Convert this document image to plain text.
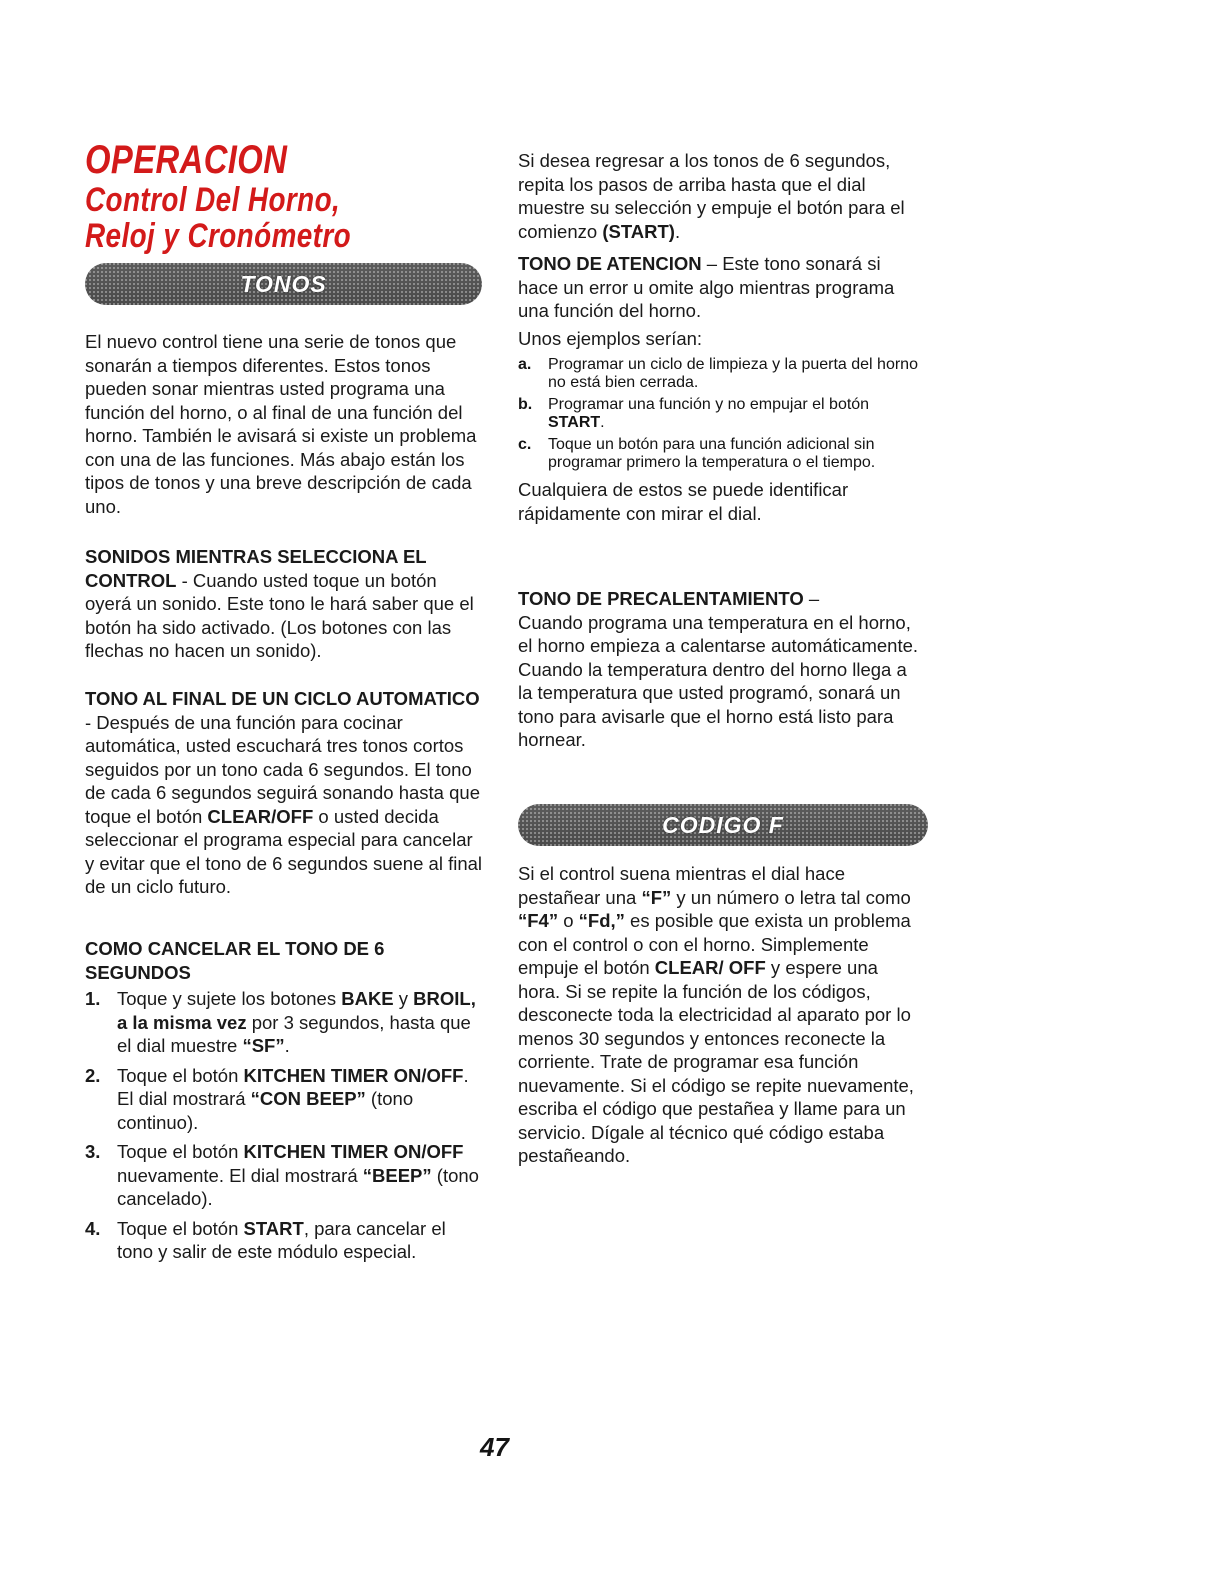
OPERACION
Control Del Horno,
Reloj y Cronómetro
TONOS
CODIGO F

El nuevo control tiene una serie de tonos que sonarán a tiempos diferentes. Estos tonos pueden sonar mientras usted programa una función del horno, o al final de una función del horno. También le avisará si existe un problema con una de las funciones. Más abajo están los tipos de tonos y una breve descripción de cada uno.

SONIDOS MIENTRAS SELECCIONA EL CONTROL - Cuando usted toque un botón oyerá un sonido. Este tono le hará saber que el botón ha sido activado. (Los botones con las flechas no hacen un sonido).

TONO AL FINAL DE UN CICLO AUTOMATICO - Después de una función para cocinar automática, usted escuchará tres tonos cortos seguidos por un tono cada 6 segundos. El tono de cada 6 segundos seguirá sonando hasta que toque el botón CLEAR/OFF o usted decida seleccionar el programa especial para cancelar y evitar que el tono de 6 segundos suene al final de un ciclo futuro.

COMO CANCELAR EL TONO DE 6 SEGUNDOS

1. Toque y sujete los botones BAKE y BROIL, a la misma vez por 3 segundos, hasta que el dial muestre “SF”.
2. Toque el botón KITCHEN TIMER ON/OFF. El dial mostrará “CON BEEP” (tono continuo).
3. Toque el botón KITCHEN TIMER ON/OFF nuevamente. El dial mostrará “BEEP” (tono cancelado).
4. Toque el botón START, para cancelar el tono y salir de este módulo especial.

Si desea regresar a los tonos de 6 segundos, repita los pasos de arriba hasta que el dial muestre su selección y empuje el botón para el comienzo (START).

TONO DE ATENCION – Este tono sonará si hace un error u omite algo mientras programa una función del horno.

Unos ejemplos serían:

a. Programar un ciclo de limpieza y la puerta del horno no está bien cerrada.
b. Programar una función y no empujar el botón START.
c. Toque un botón para una función adicional sin programar primero la temperatura o el tiempo.

Cualquiera de estos se puede identificar rápidamente con mirar el dial.

TONO DE PRECALENTAMIENTO –

Cuando programa una temperatura en el horno, el horno empieza a calentarse automáticamente. Cuando la temperatura dentro del horno llega a la temperatura que usted programó, sonará un tono para avisarle que el horno está listo para hornear.

Si el control suena mientras el dial hace pestañear una “F” y un número o letra tal como “F4” o “Fd,” es posible que exista un problema con el control o con el horno. Simplemente empuje el botón CLEAR/ OFF y espere una hora. Si se repite la función de los códigos, desconecte toda la electricidad al aparato por lo menos 30 segundos y entonces reconecte la corriente. Trate de programar esa función nuevamente. Si el código se repite nuevamente, escriba el código que pestañea y llame para un servicio. Dígale al técnico qué código estaba pestañeando.

47
